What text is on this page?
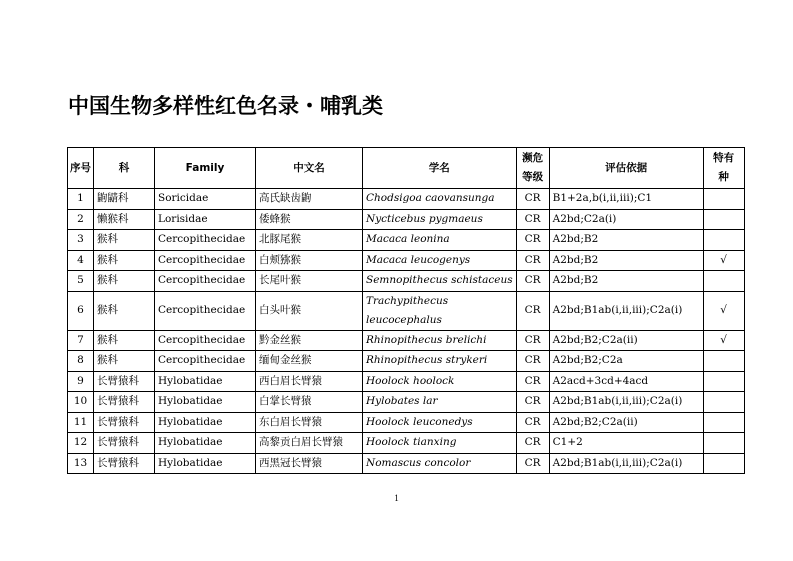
中国生物多样性红色名录・哺乳类
序号	科	Family	中文名	学名	濒危等级	评估依据	特有种
1	鼩鼱科	Soricidae	高氏缺齿鼩	Chodsigoa caovansunga	CR	B1+2a,b(i,ii,iii);C1	
2	懒猴科	Lorisidae	倭蜂猴	Nycticebus pygmaeus	CR	A2bd;C2a(i)	
3	猴科	Cercopithecidae	北豚尾猴	Macaca leonina	CR	A2bd;B2	
4	猴科	Cercopithecidae	白颊猕猴	Macaca leucogenys	CR	A2bd;B2	√
5	猴科	Cercopithecidae	长尾叶猴	Semnopithecus schistaceus	CR	A2bd;B2	
6	猴科	Cercopithecidae	白头叶猴	Trachypithecus leucocephalus	CR	A2bd;B1ab(i,ii,iii);C2a(i)	√
7	猴科	Cercopithecidae	黔金丝猴	Rhinopithecus brelichi	CR	A2bd;B2;C2a(ii)	√
8	猴科	Cercopithecidae	缅甸金丝猴	Rhinopithecus strykeri	CR	A2bd;B2;C2a	
9	长臂猿科	Hylobatidae	西白眉长臂猿	Hoolock hoolock	CR	A2acd+3cd+4acd	
10	长臂猿科	Hylobatidae	白掌长臂猿	Hylobates lar	CR	A2bd;B1ab(i,ii,iii);C2a(i)	
11	长臂猿科	Hylobatidae	东白眉长臂猿	Hoolock leuconedys	CR	A2bd;B2;C2a(ii)	
12	长臂猿科	Hylobatidae	高黎贡白眉长臂猿	Hoolock tianxing	CR	C1+2	
13	长臂猿科	Hylobatidae	西黑冠长臂猿	Nomascus concolor	CR	A2bd;B1ab(i,ii,iii);C2a(i)	
1
